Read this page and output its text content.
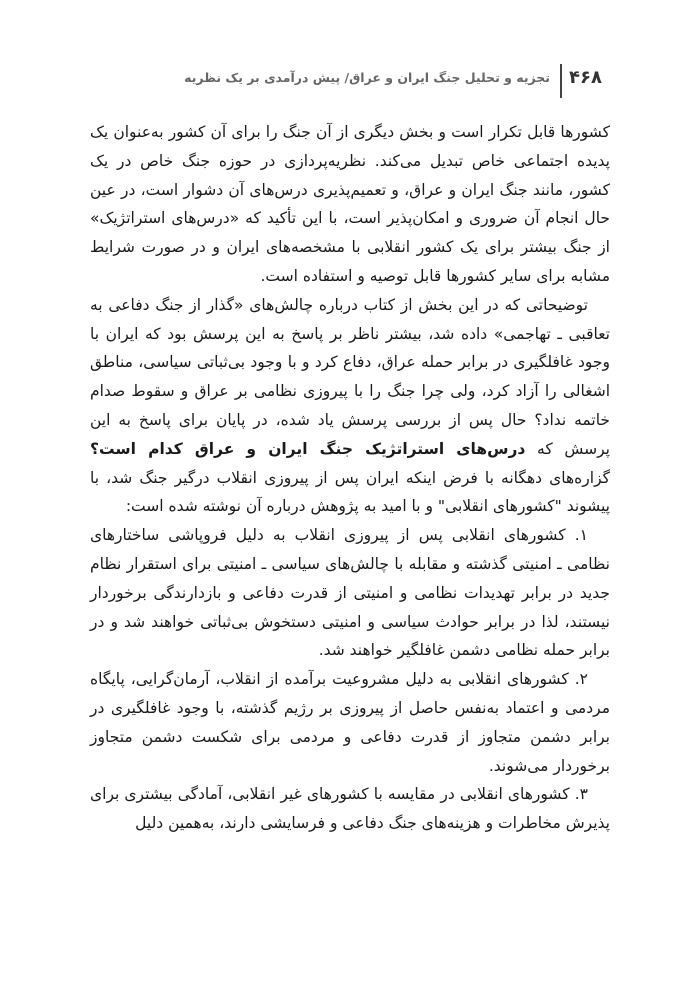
۴۶۸
تجزیه و تحلیل جنگ ایران و عراق/ پیش درآمدی بر یک نظریه

کشورها قابل تکرار است و بخش دیگری از آن جنگ را برای آن کشور به‌عنوان یک پدیده اجتماعی خاص تبدیل می‌کند. نظریه‌پردازی در حوزه جنگ خاص در یک کشور، مانند جنگ ایران و عراق، و تعمیم‌پذیری درس‌های آن دشوار است، در عین حال انجام آن ضروری و امکان‌پذیر است، با این تأکید که «درس‌های استراتژیک» از جنگ بیشتر برای یک کشور انقلابی با مشخصه‌های ایران و در صورت شرایط مشابه برای سایر کشورها قابل توصیه و استفاده است.

توضیحاتی که در این بخش از کتاب درباره چالش‌های «گذار از جنگ دفاعی به تعاقبی ـ تهاجمی» داده شد، بیشتر ناظر بر پاسخ به این پرسش بود که ایران با وجود غافلگیری در برابر حمله عراق، دفاع کرد و با وجود بی‌ثباتی سیاسی، مناطق اشغالی را آزاد کرد، ولی چرا جنگ را با پیروزی نظامی بر عراق و سقوط صدام خاتمه نداد؟ حال پس از بررسی پرسش یاد شده، در پایان برای پاسخ به این پرسش که درس‌های استراتژیک جنگ ایران و عراق کدام است؟ گزاره‌های دهگانه با فرض اینکه ایران پس از پیروزی انقلاب درگیر جنگ شد، با پیشوند "کشورهای انقلابی" و با امید به پژوهش درباره آن نوشته شده است:

۱. کشورهای انقلابی پس از پیروزی انقلاب به دلیل فروپاشی ساختارهای نظامی ـ امنیتی گذشته و مقابله با چالش‌های سیاسی ـ امنیتی برای استقرار نظام جدید در برابر تهدیدات نظامی و امنیتی از قدرت دفاعی و بازدارندگی برخوردار نیستند، لذا در برابر حوادث سیاسی و امنیتی دستخوش بی‌ثباتی خواهند شد و در برابر حمله نظامی دشمن غافلگیر خواهند شد.

۲. کشورهای انقلابی به دلیل مشروعیت برآمده از انقلاب، آرمان‌گرایی، پایگاه مردمی و اعتماد به‌نفس حاصل از پیروزی بر رژیم گذشته، با وجود غافلگیری در برابر دشمن متجاوز از قدرت دفاعی و مردمی برای شکست دشمن متجاوز برخوردار می‌شوند.

۳. کشورهای انقلابی در مقایسه با کشورهای غیر انقلابی، آمادگی بیشتری برای پذیرش مخاطرات و هزینه‌های جنگ دفاعی و فرسایشی دارند، به‌همین دلیل
